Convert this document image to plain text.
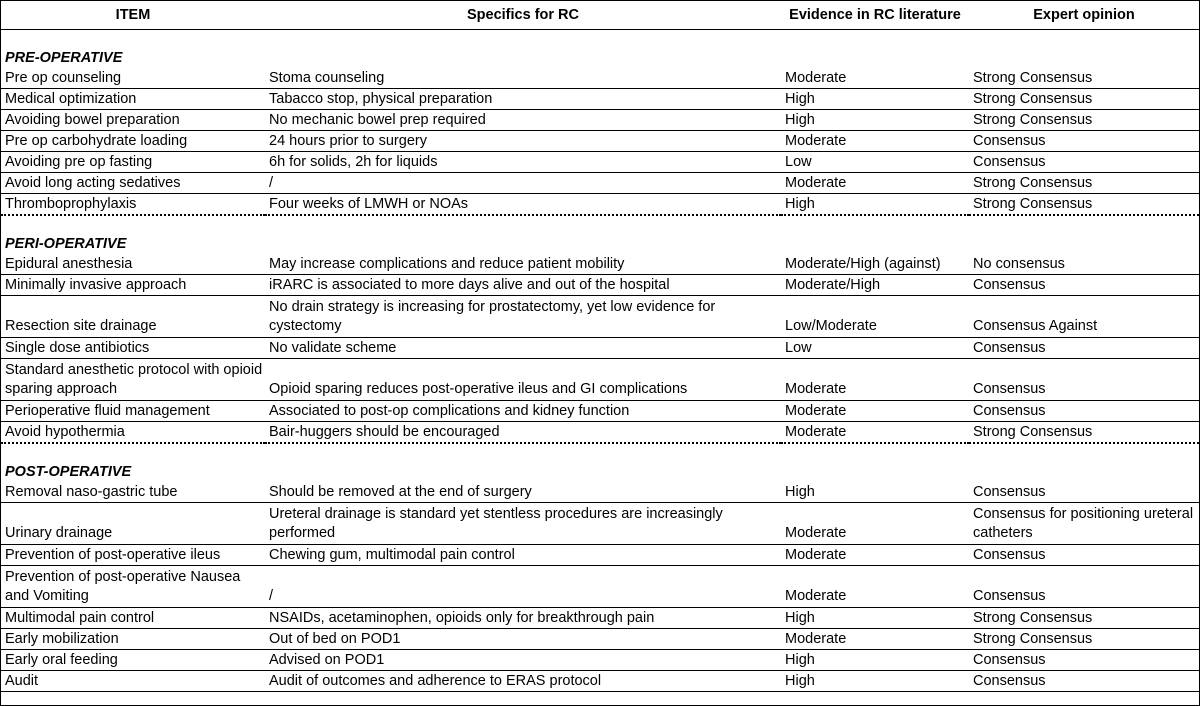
ITEM	Specifics for RC	Evidence in RC literature	Expert opinion

PRE-OPERATIVE			
Pre op counseling	Stoma counseling	Moderate	Strong Consensus
Medical optimization	Tabacco stop, physical preparation	High	Strong Consensus
Avoiding bowel preparation	No mechanic bowel prep required	High	Strong Consensus
Pre op carbohydrate loading	24 hours prior to surgery	Moderate	Consensus
Avoiding pre op fasting	6h for solids, 2h for liquids	Low	Consensus
Avoid long acting sedatives	/	Moderate	Strong Consensus
Thromboprophylaxis	Four weeks of LMWH or NOAs	High	Strong Consensus

PERI-OPERATIVE			
Epidural anesthesia	May increase complications and reduce patient mobility	Moderate/High (against)	No consensus
Minimally invasive approach	iRARC is associated to more days alive and out of the hospital	Moderate/High	Consensus
Resection site drainage	No drain strategy is increasing for prostatectomy, yet low evidence for cystectomy	Low/Moderate	Consensus Against
Single dose antibiotics	No validate scheme	Low	Consensus
Standard anesthetic protocol with opioid sparing approach	Opioid sparing reduces post-operative ileus and GI complications	Moderate	Consensus
Perioperative fluid management	Associated to post-op complications and kidney function	Moderate	Consensus
Avoid hypothermia	Bair-huggers should be encouraged	Moderate	Strong Consensus

POST-OPERATIVE			
Removal naso-gastric tube	Should be removed at the end of surgery	High	Consensus
Urinary drainage	Ureteral drainage is standard yet stentless procedures are increasingly performed	Moderate	Consensus for positioning ureteral catheters
Prevention of post-operative ileus	Chewing gum, multimodal pain control	Moderate	Consensus
Prevention of post-operative Nausea and Vomiting	/	Moderate	Consensus
Multimodal pain control	NSAIDs, acetaminophen, opioids only for breakthrough pain	High	Strong Consensus
Early mobilization	Out of bed on POD1	Moderate	Strong Consensus
Early oral feeding	Advised on POD1	High	Consensus
Audit	Audit of outcomes and adherence to ERAS protocol	High	Consensus
